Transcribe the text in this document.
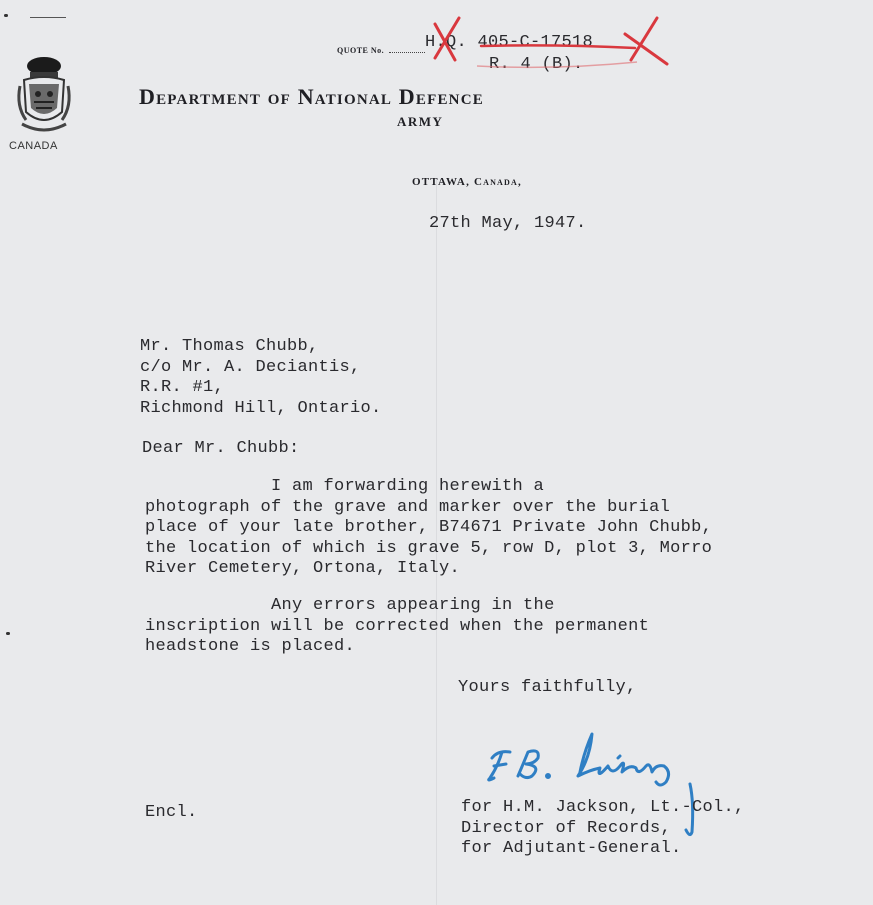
CANADA
QUOTE No. H.Q. 405-C-17518
R. 4 (B).
Department of National Defence
ARMY
OTTAWA, Canada,
27th May, 1947.
Mr. Thomas Chubb,
c/o Mr. A. Deciantis,
R.R. #1,
Richmond Hill, Ontario.
Dear Mr. Chubb:
I am forwarding herewith a
photograph of the grave and marker over the burial
place of your late brother, B74671 Private John Chubb,
the location of which is grave 5, row D, plot 3, Morro
River Cemetery, Ortona, Italy.
Any errors appearing in the
inscription will be corrected when the permanent
headstone is placed.
Yours faithfully,
Encl.	for H.M. Jackson, Lt.-Col.,
Director of Records,
for Adjutant-General.
